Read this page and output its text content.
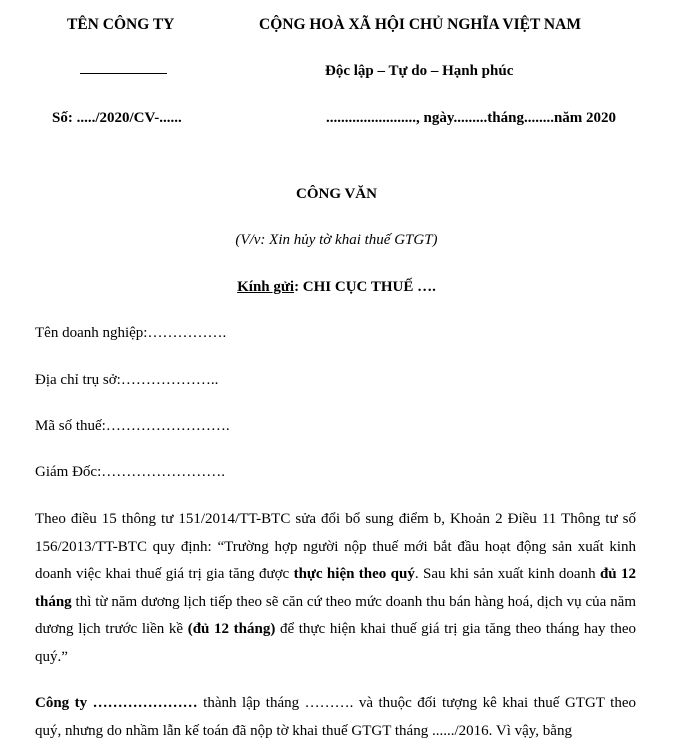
TÊN CÔNG TY	CỘNG HOÀ XÃ HỘI CHỦ NGHĨA VIỆT NAM
Độc lập – Tự do – Hạnh phúc
Số: ...../2020/CV-......	........................, ngày.........tháng........năm 2020
CÔNG VĂN
(V/v: Xin hủy tờ khai thuế GTGT)
Kính gửi: CHI CỤC THUẾ ….
Tên doanh nghiệp:…………….
Địa chỉ trụ sở:………………..
Mã số thuế:…………………….
Giám Đốc:…………………….
Theo điều 15 thông tư 151/2014/TT-BTC sửa đổi bổ sung điểm b, Khoản 2 Điều 11 Thông tư số 156/2013/TT-BTC quy định: “Trường hợp người nộp thuế mới bắt đầu hoạt động sản xuất kinh doanh việc khai thuế giá trị gia tăng được thực hiện theo quý. Sau khi sản xuất kinh doanh đủ 12 tháng thì từ năm dương lịch tiếp theo sẽ căn cứ theo mức doanh thu bán hàng hoá, dịch vụ của năm dương lịch trước liền kề (đủ 12 tháng) để thực hiện khai thuế giá trị gia tăng theo tháng hay theo quý.”
Công ty ………………… thành lập tháng ………. và thuộc đối tượng kê khai thuế GTGT theo quý, nhưng do nhầm lẫn kế toán đã nộp tờ khai thuế GTGT tháng ....../2016. Vì vậy, bằng
